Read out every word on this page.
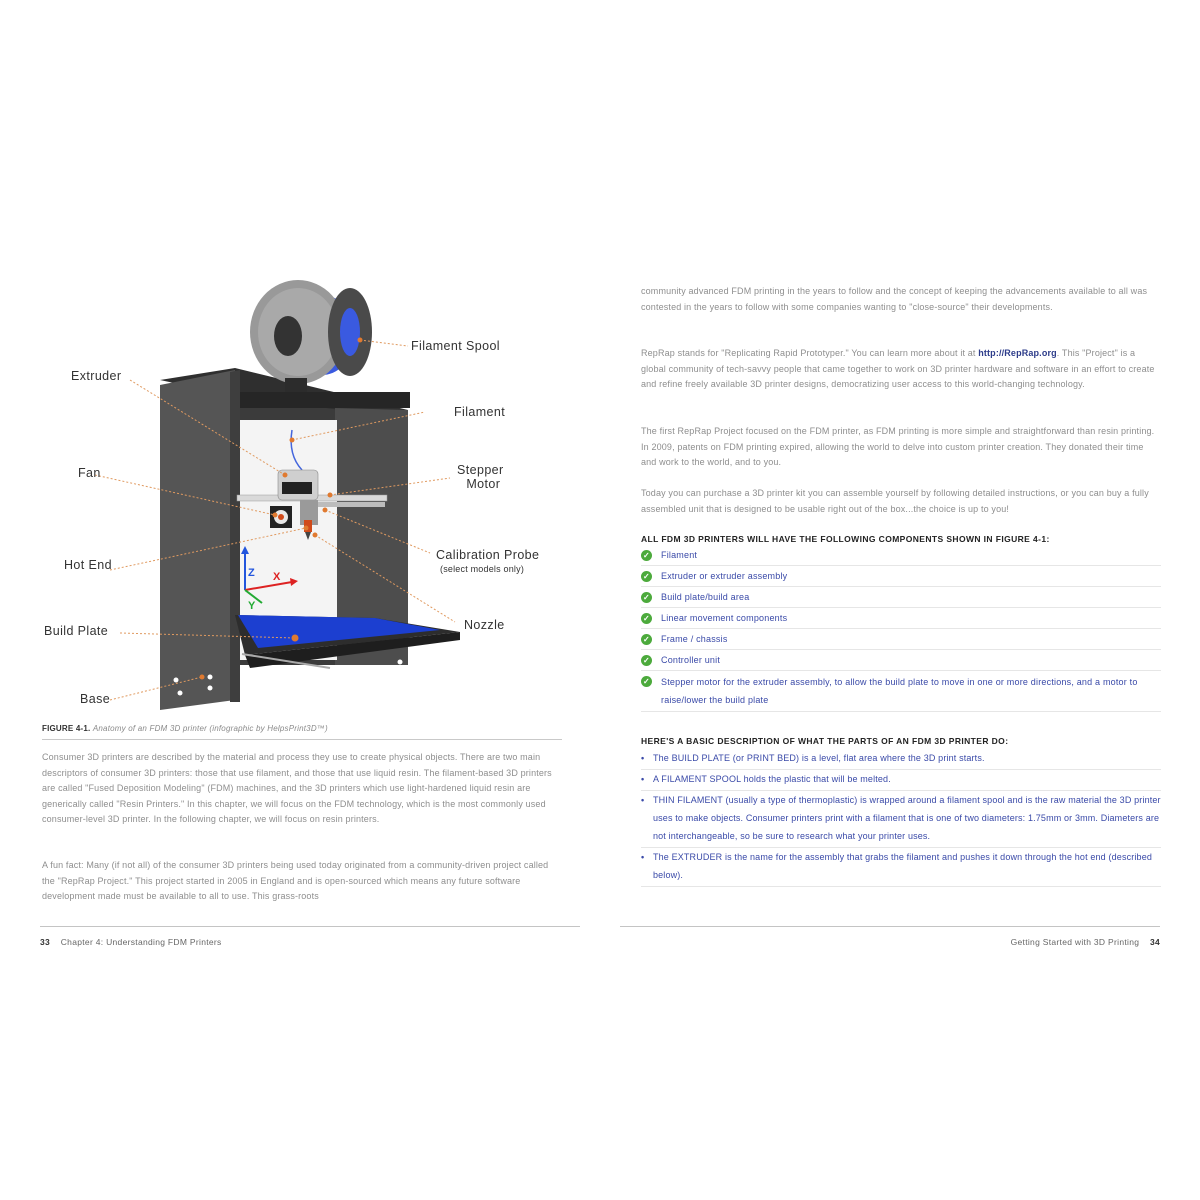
Z X
Y
Filament Spool
Extruder
Filament
Fan	Stepper
Motor
Hot End
Calibration Probe
(select models only)
Nozzle
Build Plate
Base
FIGURE 4-1. Anatomy of an FDM 3D printer (infographic by HelpsPrint3D™)

Consumer 3D printers are described by the material and process they use to create physical objects. There are two main descriptors of consumer 3D printers: those that use filament, and those that use liquid resin. The filament-based 3D printers are called "Fused Deposition Modeling" (FDM) machines, and the 3D printers which use light-hardened liquid resin are generically called "Resin Printers." In this chapter, we will focus on the FDM technology, which is the most commonly used consumer-level 3D printer. In the following chapter, we will focus on resin printers.

A fun fact: Many (if not all) of the consumer 3D printers being used today originated from a community-driven project called the "RepRap Project." This project started in 2005 in England and is open-sourced which means any future software development made must be available to all to use. This grass-roots

33 Chapter 4: Understanding FDM Printers

community advanced FDM printing in the years to follow and the concept of keeping the advancements available to all was contested in the years to follow with some companies wanting to "close-source" their developments.

RepRap stands for "Replicating Rapid Prototyper." You can learn more about it at http://RepRap.org. This "Project" is a global community of tech-savvy people that came together to work on 3D printer hardware and software in an effort to create and refine freely available 3D printer designs, democratizing user access to this world-changing technology.

The first RepRap Project focused on the FDM printer, as FDM printing is more simple and straightforward than resin printing. In 2009, patents on FDM printing expired, allowing the world to delve into custom printer creation. They donated their time and work to the world, and to you.

Today you can purchase a 3D printer kit you can assemble yourself by following detailed instructions, or you can buy a fully assembled unit that is designed to be usable right out of the box...the choice is up to you!

ALL FDM 3D PRINTERS WILL HAVE THE FOLLOWING COMPONENTS SHOWN IN FIGURE 4-1:

✓ Filament
✓ Extruder or extruder assembly
✓ Build plate/build area
✓ Linear movement components
✓ Frame / chassis
✓ Controller unit
✓ Stepper motor for the extruder assembly, to allow the build plate to move in one or more directions, and a motor to raise/lower the build plate

HERE'S A BASIC DESCRIPTION OF WHAT THE PARTS OF AN FDM 3D PRINTER DO:

• The BUILD PLATE (or PRINT BED) is a level, flat area where the 3D print starts.
• A FILAMENT SPOOL holds the plastic that will be melted.
• THIN FILAMENT (usually a type of thermoplastic) is wrapped around a filament spool and is the raw material the 3D printer uses to make objects. Consumer printers print with a filament that is one of two diameters: 1.75mm or 3mm. Diameters are not interchangeable, so be sure to research what your printer uses.
• The EXTRUDER is the name for the assembly that grabs the filament and pushes it down through the hot end (described below).
Getting Started with 3D Printing 34
